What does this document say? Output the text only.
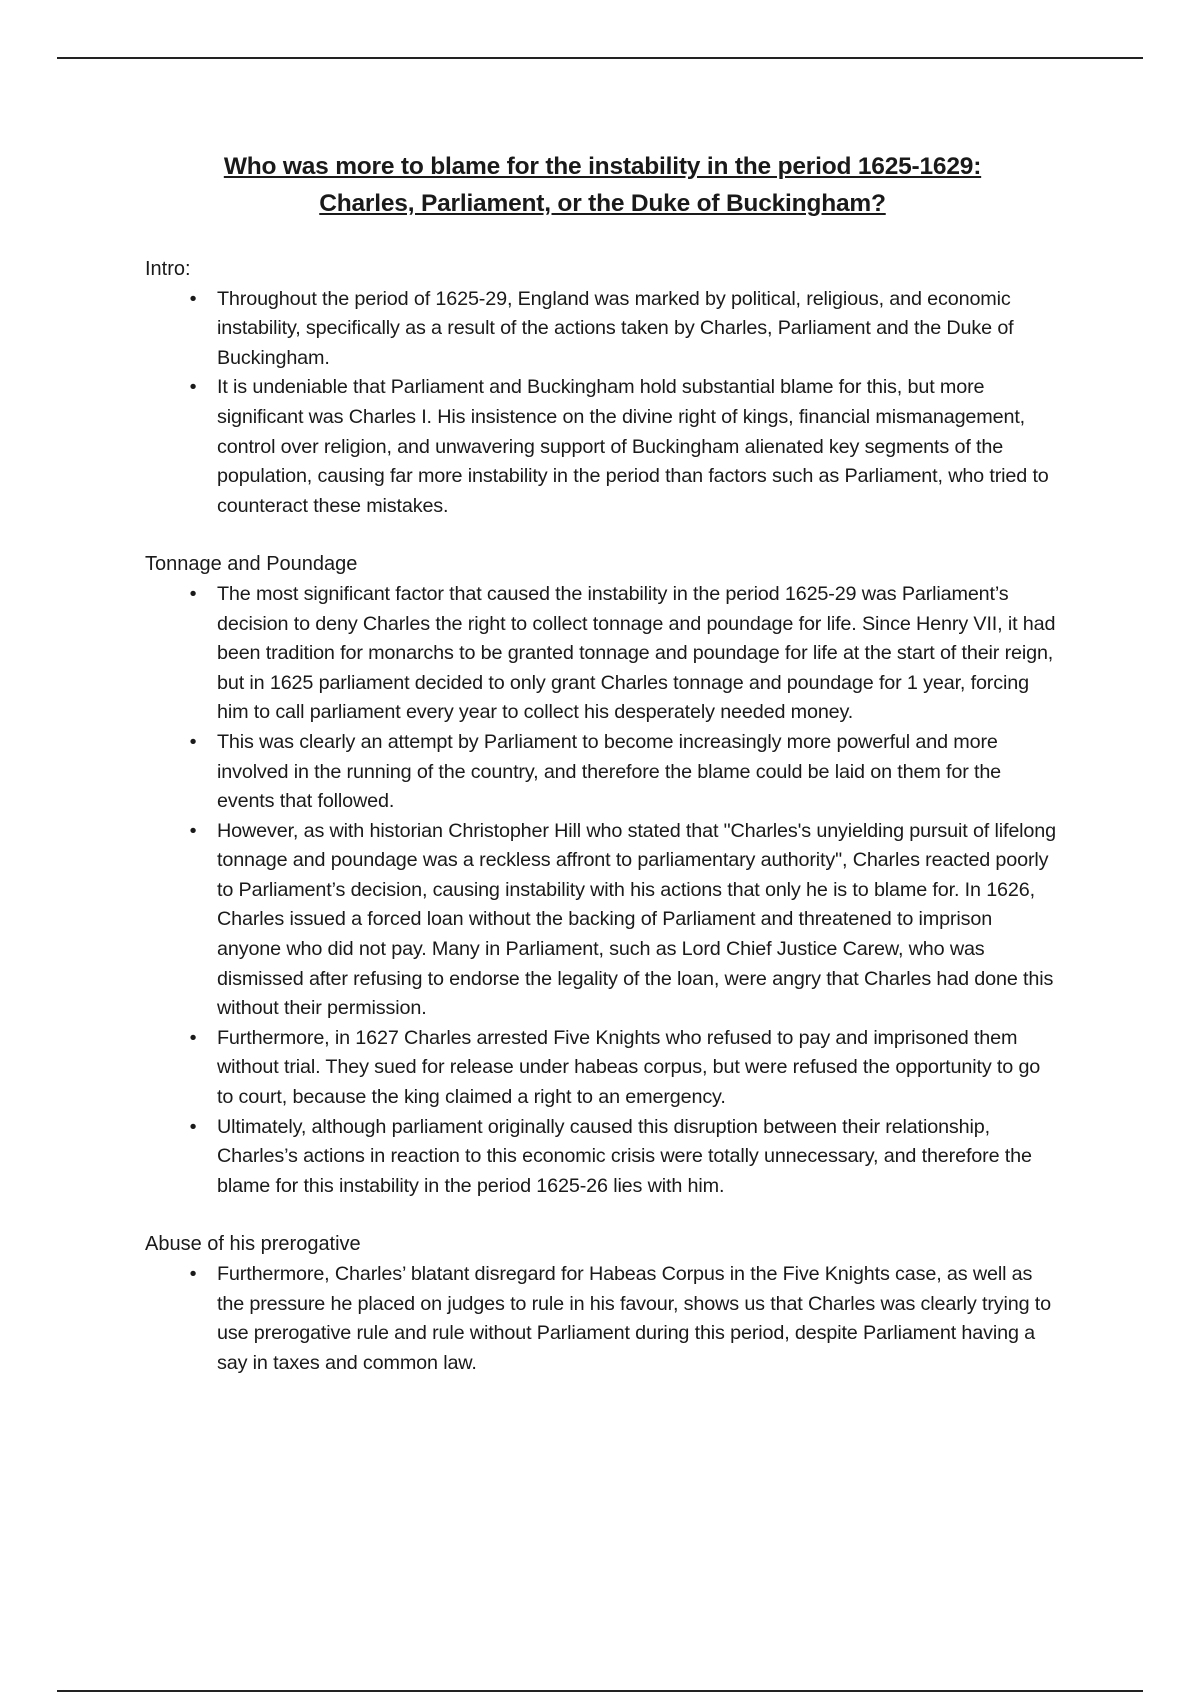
Who was more to blame for the instability in the period 1625-1629:
Charles, Parliament, or the Duke of Buckingham?

Intro:

•	Throughout the period of 1625-29, England was marked by political, religious, and economic instability, specifically as a result of the actions taken by Charles, Parliament and the Duke of Buckingham.
•	It is undeniable that Parliament and Buckingham hold substantial blame for this, but more significant was Charles I. His insistence on the divine right of kings, financial mismanagement, control over religion, and unwavering support of Buckingham alienated key segments of the population, causing far more instability in the period than factors such as Parliament, who tried to counteract these mistakes.

Tonnage and Poundage

•	The most significant factor that caused the instability in the period 1625-29 was Parliament’s decision to deny Charles the right to collect tonnage and poundage for life. Since Henry VII, it had been tradition for monarchs to be granted tonnage and poundage for life at the start of their reign, but in 1625 parliament decided to only grant Charles tonnage and poundage for 1 year, forcing him to call parliament every year to collect his desperately needed money.
•	This was clearly an attempt by Parliament to become increasingly more powerful and more involved in the running of the country, and therefore the blame could be laid on them for the events that followed.
•	However, as with historian Christopher Hill who stated that "Charles's unyielding pursuit of lifelong tonnage and poundage was a reckless affront to parliamentary authority", Charles reacted poorly to Parliament’s decision, causing instability with his actions that only he is to blame for. In 1626, Charles issued a forced loan without the backing of Parliament and threatened to imprison anyone who did not pay. Many in Parliament, such as Lord Chief Justice Carew, who was dismissed after refusing to endorse the legality of the loan, were angry that Charles had done this without their permission.
•	Furthermore, in 1627 Charles arrested Five Knights who refused to pay and imprisoned them without trial. They sued for release under habeas corpus, but were refused the opportunity to go to court, because the king claimed a right to an emergency.
•	Ultimately, although parliament originally caused this disruption between their relationship, Charles’s actions in reaction to this economic crisis were totally unnecessary, and therefore the blame for this instability in the period 1625-26 lies with him.

Abuse of his prerogative

•	Furthermore, Charles’ blatant disregard for Habeas Corpus in the Five Knights case, as well as the pressure he placed on judges to rule in his favour, shows us that Charles was clearly trying to use prerogative rule and rule without Parliament during this period, despite Parliament having a say in taxes and common law.
